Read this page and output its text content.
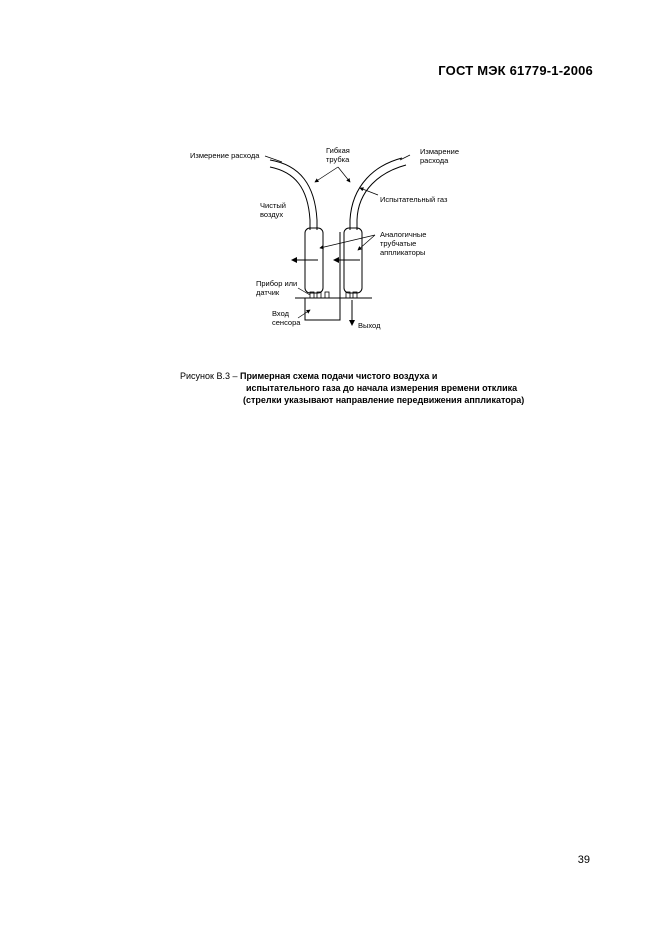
ГОСТ МЭК 61779-1-2006
Измерение расхода
Гибкая
трубка
Измарение
расхода
Чистый
воздух
Испытательный газ
Аналогичные
трубчатые
аппликаторы
Прибор или
датчик
Вход
сенсора	Выход
Рисунок В.3 – Примерная схема подачи чистого воздуха и
испытательного газа до начала измерения времени отклика
(стрелки указывают направление передвижения аппликатора)
39
